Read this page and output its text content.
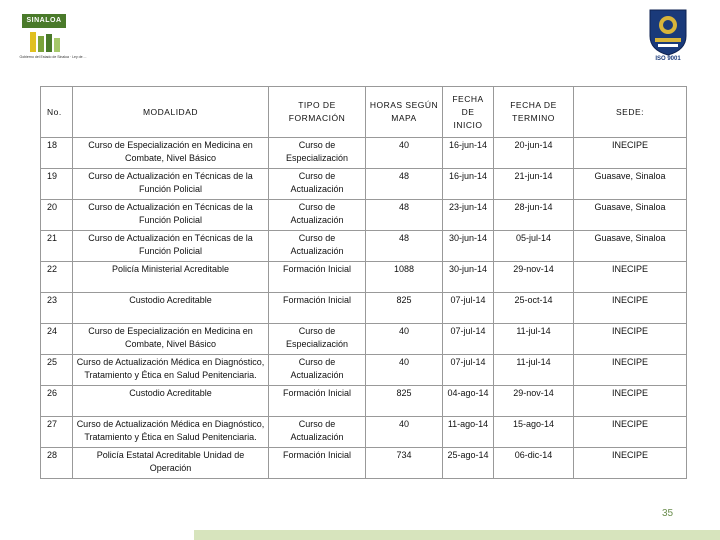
SINALOA
Gobierno del Estado de Sinaloa · Ley de ...	ISO 9001
No.	MODALIDAD	TIPO DE FORMACIÓN	HORAS SEGÚN MAPA	FECHA DE INICIO	FECHA DE TERMINO	SEDE:
18	Curso de Especialización en Medicina en Combate, Nivel Básico	Curso de Especialización	40	16-jun-14	20-jun-14	INECIPE
19	Curso de Actualización en Técnicas de la Función Policial	Curso de Actualización	48	16-jun-14	21-jun-14	Guasave, Sinaloa
20	Curso de Actualización en Técnicas de la Función Policial	Curso de Actualización	48	23-jun-14	28-jun-14	Guasave, Sinaloa
21	Curso de Actualización en Técnicas de la Función Policial	Curso de Actualización	48	30-jun-14	05-jul-14	Guasave, Sinaloa
22	Policía Ministerial Acreditable	Formación Inicial	1088	30-jun-14	29-nov-14	INECIPE
23	Custodio Acreditable	Formación Inicial	825	07-jul-14	25-oct-14	INECIPE
24	Curso de Especialización en Medicina en Combate, Nivel Básico	Curso de Especialización	40	07-jul-14	11-jul-14	INECIPE
25	Curso de Actualización Médica en Diagnóstico, Tratamiento y Ética en Salud Penitenciaria.	Curso de Actualización	40	07-jul-14	11-jul-14	INECIPE
26	Custodio Acreditable	Formación Inicial	825	04-ago-14	29-nov-14	INECIPE
27	Curso de Actualización Médica en Diagnóstico, Tratamiento y Ética en Salud Penitenciaria.	Curso de Actualización	40	11-ago-14	15-ago-14	INECIPE
28	Policía Estatal Acreditable Unidad de Operación	Formación Inicial	734	25-ago-14	06-dic-14	INECIPE
35
